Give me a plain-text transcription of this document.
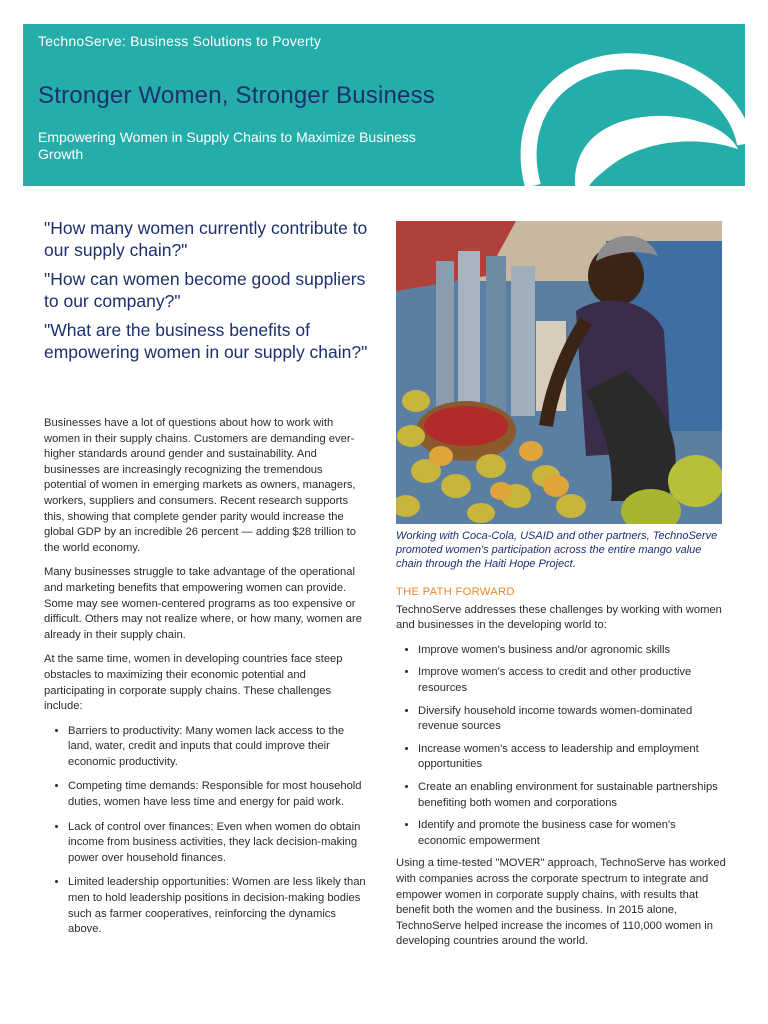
TechnoServe: Business Solutions to Poverty
Stronger Women, Stronger Business
Empowering Women in Supply Chains to Maximize Business Growth

"How many women currently contribute to our supply chain?"

"How can women become good suppliers to our company?"

"What are the business benefits of empowering women in our supply chain?"

Businesses have a lot of questions about how to work with women in their supply chains. Customers are demanding ever-higher standards around gender and sustainability. And businesses are increasingly recognizing the tremendous potential of women in emerging markets as owners, managers, workers, suppliers and consumers. Recent research supports this, showing that complete gender parity would increase the global GDP by an incredible 26 percent — adding $28 trillion to the world economy.

Many businesses struggle to take advantage of the operational and marketing benefits that empowering women can provide. Some may see women-centered programs as too expensive or difficult. Others may not realize where, or how many, women are already in their supply chain.

At the same time, women in developing countries face steep obstacles to maximizing their economic potential and participating in corporate supply chains. These challenges include:

• Barriers to productivity: Many women lack access to the land, water, credit and inputs that could improve their economic productivity.
• Competing time demands: Responsible for most household duties, women have less time and energy for paid work.
• Lack of control over finances: Even when women do obtain income from business activities, they lack decision-making power over household finances.
• Limited leadership opportunities: Women are less likely than men to hold leadership positions in decision-making bodies such as farmer cooperatives, reinforcing the dynamics above.
Working with Coca-Cola, USAID and other partners, TechnoServe promoted women's participation across the entire mango value chain through the Haiti Hope Project.
THE PATH FORWARD

TechnoServe addresses these challenges by working with women and businesses in the developing world to:

• Improve women's business and/or agronomic skills
• Improve women's access to credit and other productive resources
• Diversify household income towards women-dominated revenue sources
• Increase women's access to leadership and employment opportunities
• Create an enabling environment for sustainable partnerships benefiting both women and corporations
• Identify and promote the business case for women's economic empowerment

Using a time-tested "MOVER" approach, TechnoServe has worked with companies across the corporate spectrum to integrate and empower women in corporate supply chains, with results that benefit both the women and the business. In 2015 alone, TechnoServe helped increase the incomes of 110,000 women in developing countries around the world.
